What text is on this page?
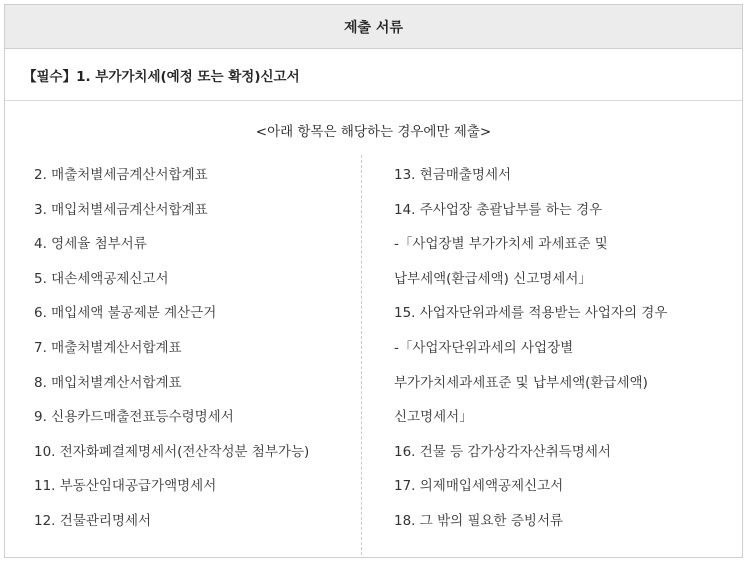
제출 서류
【필수】1. 부가가치세(예정 또는 확정)신고서
<아래 항목은 해당하는 경우에만 제출>
2. 매출처별세금계산서합계표
3. 매입처별세금계산서합계표
4. 영세율 첨부서류
5. 대손세액공제신고서
6. 매입세액 불공제분 계산근거
7. 매출처별계산서합계표
8. 매입처별계산서합계표
9. 신용카드매출전표등수령명세서
10. 전자화폐결제명세서(전산작성분 첨부가능)
11. 부동산임대공급가액명세서
12. 건물관리명세서
13. 현금매출명세서
14. 주사업장 총괄납부를 하는 경우
-「사업장별 부가가치세 과세표준 및
납부세액(환급세액) 신고명세서」
15. 사업자단위과세를 적용받는 사업자의 경우
-「사업자단위과세의 사업장별
부가가치세과세표준 및 납부세액(환급세액)
신고명세서」
16. 건물 등 감가상각자산취득명세서
17. 의제매입세액공제신고서
18. 그 밖의 필요한 증빙서류
